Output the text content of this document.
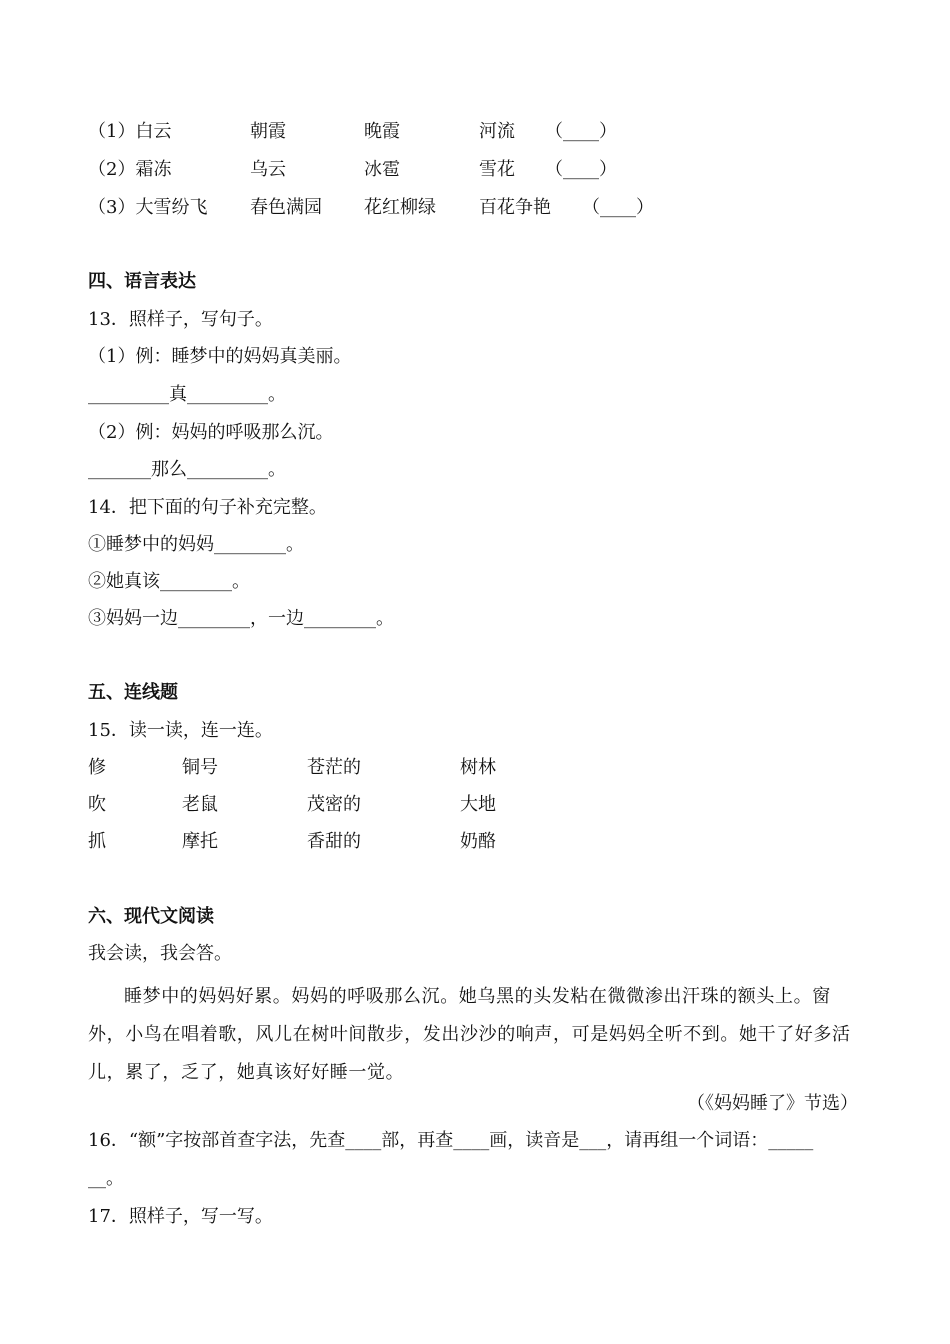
（1）白云	朝霞	晚霞	河流 （____）
（2）霜冻	乌云	冰雹	雪花 （____）
（3）大雪纷飞 春色满园 花红柳绿 百花争艳 （____）
四、语言表达
13．照样子，写句子。
（1）例：睡梦中的妈妈真美丽。
_________真_________。
（2）例：妈妈的呼吸那么沉。
_______那么_________。
14．把下面的句子补充完整。
①睡梦中的妈妈________。
②她真该________。
③妈妈一边________，一边________。
五、连线题
15．读一读，连一连。
修	铜号	苍茫的	树林
吹	老鼠	茂密的	大地
抓	摩托	香甜的	奶酪
六、现代文阅读
我会读，我会答。

睡梦中的妈妈好累。妈妈的呼吸那么沉。她乌黑的头发粘在微微渗出汗珠的额头上。窗外，小鸟在唱着歌，风儿在树叶间散步，发出沙沙的响声，可是妈妈全听不到。她干了好多活儿，累了，乏了，她真该好好睡一觉。

（《妈妈睡了》节选）
16．“额”字按部首查字法，先查____部，再查____画，读音是___，请再组一个词语：_____
__。
17．照样子，写一写。
